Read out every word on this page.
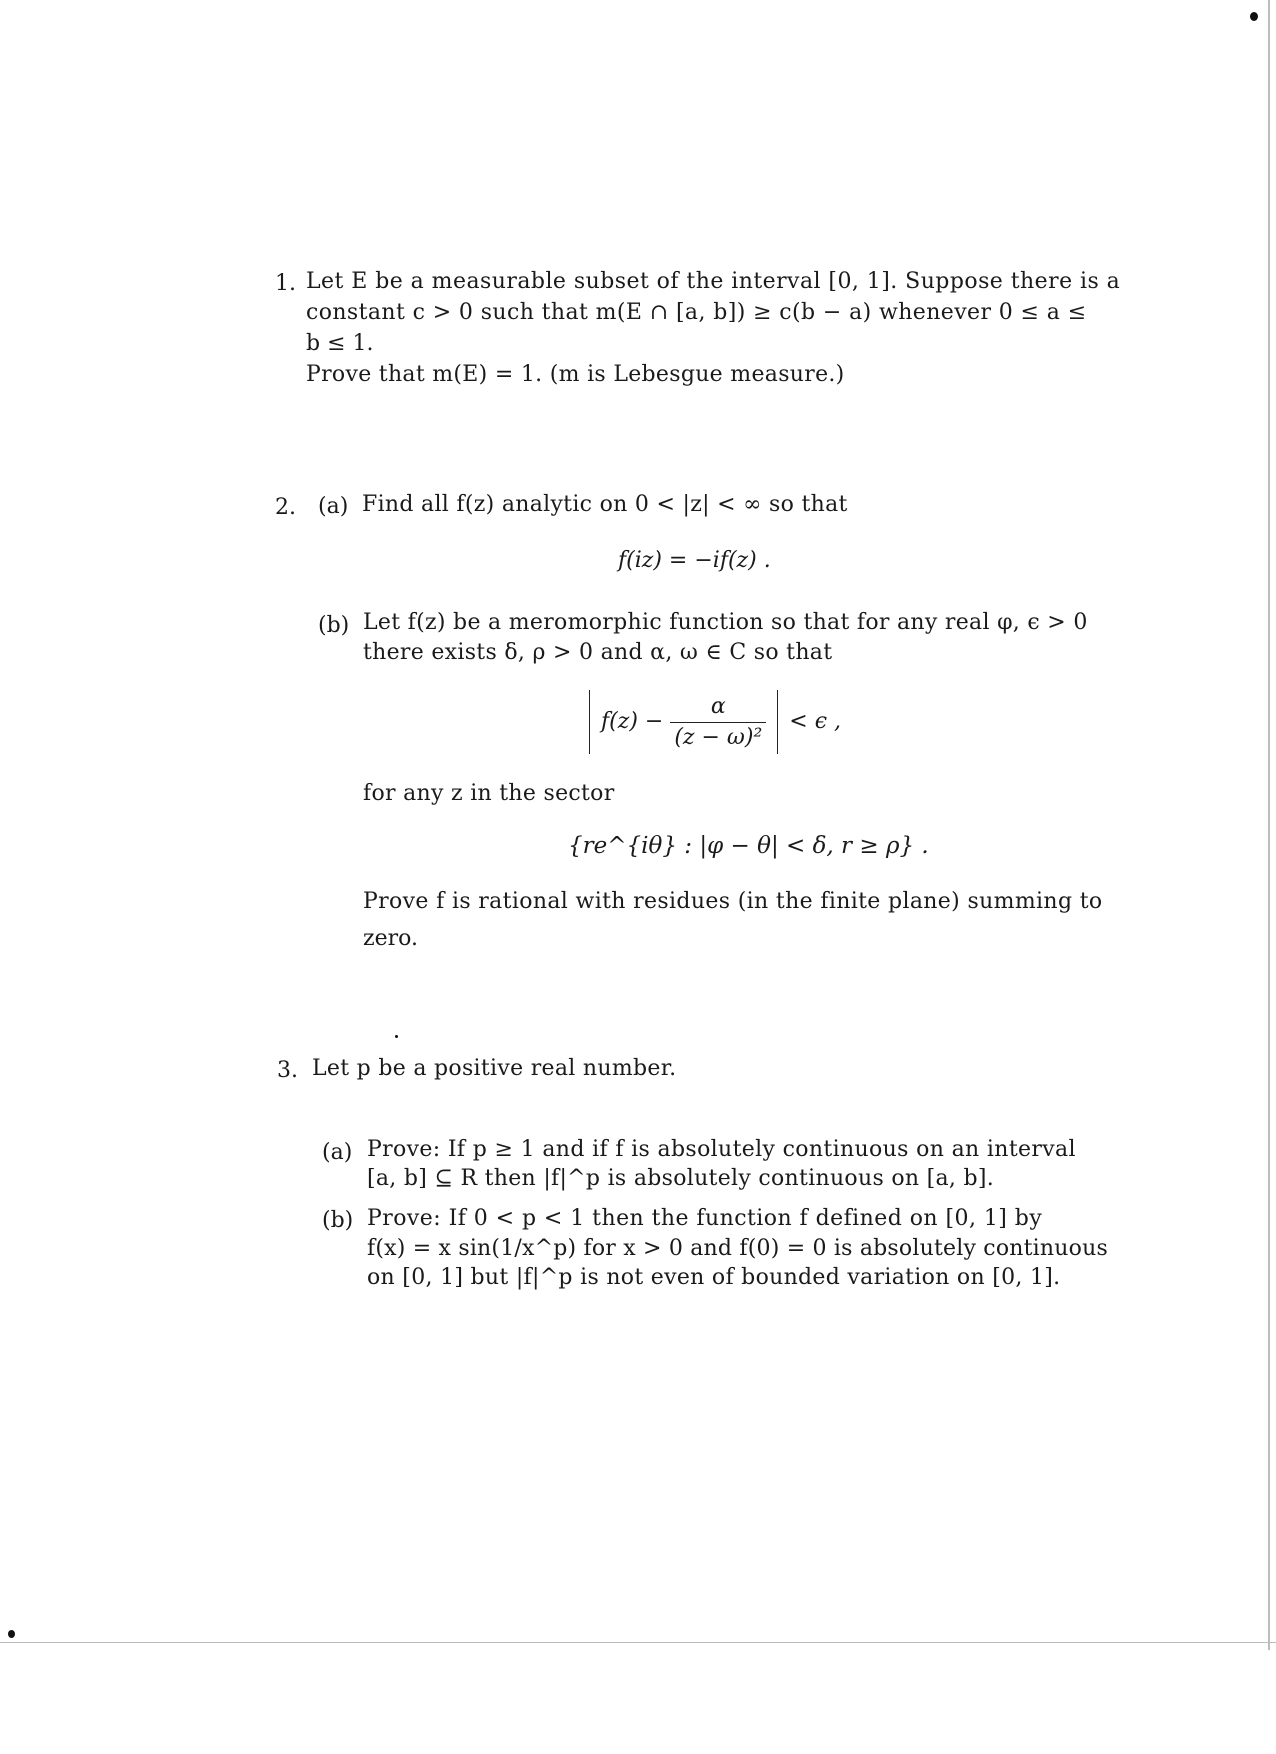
1. Let E be a measurable subset of the interval [0, 1]. Suppose there is a
constant c > 0 such that m(E ∩ [a, b]) ≥ c(b − a) whenever 0 ≤ a ≤
b ≤ 1.
Prove that m(E) = 1. (m is Lebesgue measure.)
2. (a) Find all f(z) analytic on 0 < |z| < ∞ so that
f(iz) = −if(z) .
(b) Let f(z) be a meromorphic function so that for any real φ, ϵ > 0
there exists δ, ρ > 0 and α, ω ∈ C so that
$f(z) - \frac{\alpha}{\text{(z − ω)²}} < \epsilon$ ,
for any z in the sector
{re^{iθ} : |φ − θ| < δ, r ≥ ρ} .
Prove f is rational with residues (in the finite plane) summing to
zero.
3. Let p be a positive real number.
(a) Prove: If p ≥ 1 and if f is absolutely continuous on an interval
[a, b] ⊆ R then |f|^p is absolutely continuous on [a, b].
(b) Prove: If 0 < p < 1 then the function f defined on [0, 1] by
f(x) = x sin(1/x^p) for x > 0 and f(0) = 0 is absolutely continuous
on [0, 1] but |f|^p is not even of bounded variation on [0, 1].
